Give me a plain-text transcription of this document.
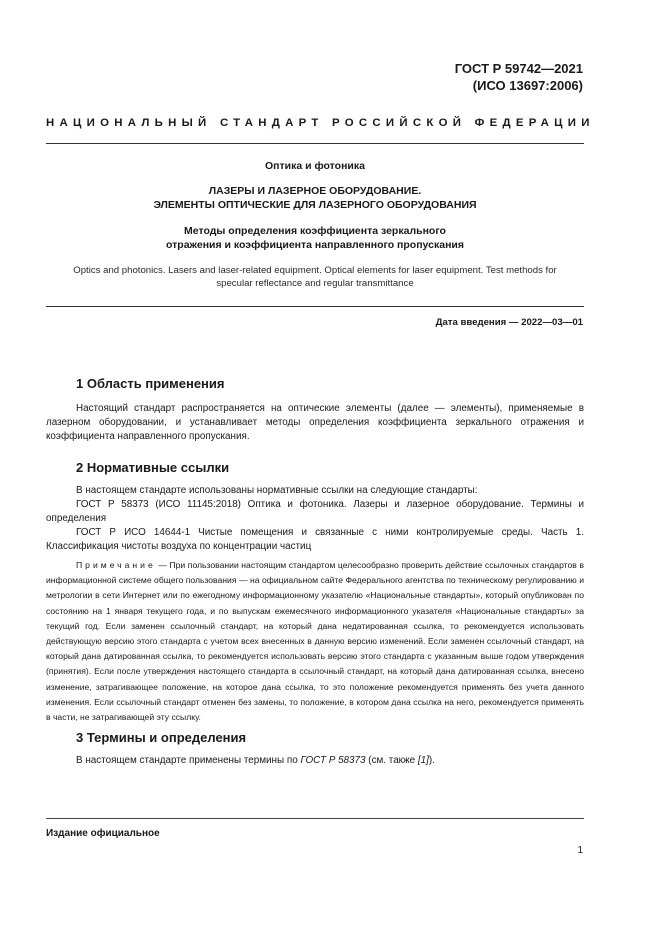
ГОСТ Р 59742—2021
(ИСО 13697:2006)
НАЦИОНАЛЬНЫЙ СТАНДАРТ РОССИЙСКОЙ ФЕДЕРАЦИИ
Оптика и фотоника
ЛАЗЕРЫ И ЛАЗЕРНОЕ ОБОРУДОВАНИЕ.
ЭЛЕМЕНТЫ ОПТИЧЕСКИЕ ДЛЯ ЛАЗЕРНОГО ОБОРУДОВАНИЯ
Методы определения коэффициента зеркального
отражения и коэффициента направленного пропускания
Optics and photonics. Lasers and laser-related equipment. Optical elements for laser equipment. Test methods for
specular reflectance and regular transmittance
Дата введения — 2022—03—01
1 Область применения
Настоящий стандарт распространяется на оптические элементы (далее — элементы), применяемые в лазерном оборудовании, и устанавливает методы определения коэффициента зеркального отражения и коэффициента направленного пропускания.
2 Нормативные ссылки
В настоящем стандарте использованы нормативные ссылки на следующие стандарты:
ГОСТ Р 58373 (ИСО 11145:2018) Оптика и фотоника. Лазеры и лазерное оборудование. Термины и определения
ГОСТ Р ИСО 14644-1 Чистые помещения и связанные с ними контролируемые среды. Часть 1. Классификация чистоты воздуха по концентрации частиц
Примечание — При пользовании настоящим стандартом целесообразно проверить действие ссылочных стандартов в информационной системе общего пользования — на официальном сайте Федерального агентства по техническому регулированию и метрологии в сети Интернет или по ежегодному информационному указателю «Национальные стандарты», который опубликован по состоянию на 1 января текущего года, и по выпускам ежемесячного информационного указателя «Национальные стандарты» за текущий год. Если заменен ссылочный стандарт, на который дана недатированная ссылка, то рекомендуется использовать действующую версию этого стандарта с учетом всех внесенных в данную версию изменений. Если заменен ссылочный стандарт, на который дана датированная ссылка, то рекомендуется использовать версию этого стандарта с указанным выше годом утверждения (принятия). Если после утверждения настоящего стандарта в ссылочный стандарт, на который дана датированная ссылка, внесено изменение, затрагивающее положение, на которое дана ссылка, то это положение рекомендуется применять без учета данного изменения. Если ссылочный стандарт отменен без замены, то положение, в котором дана ссылка на него, рекомендуется применять в части, не затрагивающей эту ссылку.
3 Термины и определения
В настоящем стандарте применены термины по ГОСТ Р 58373 (см. также [1]).
Издание официальное
1
